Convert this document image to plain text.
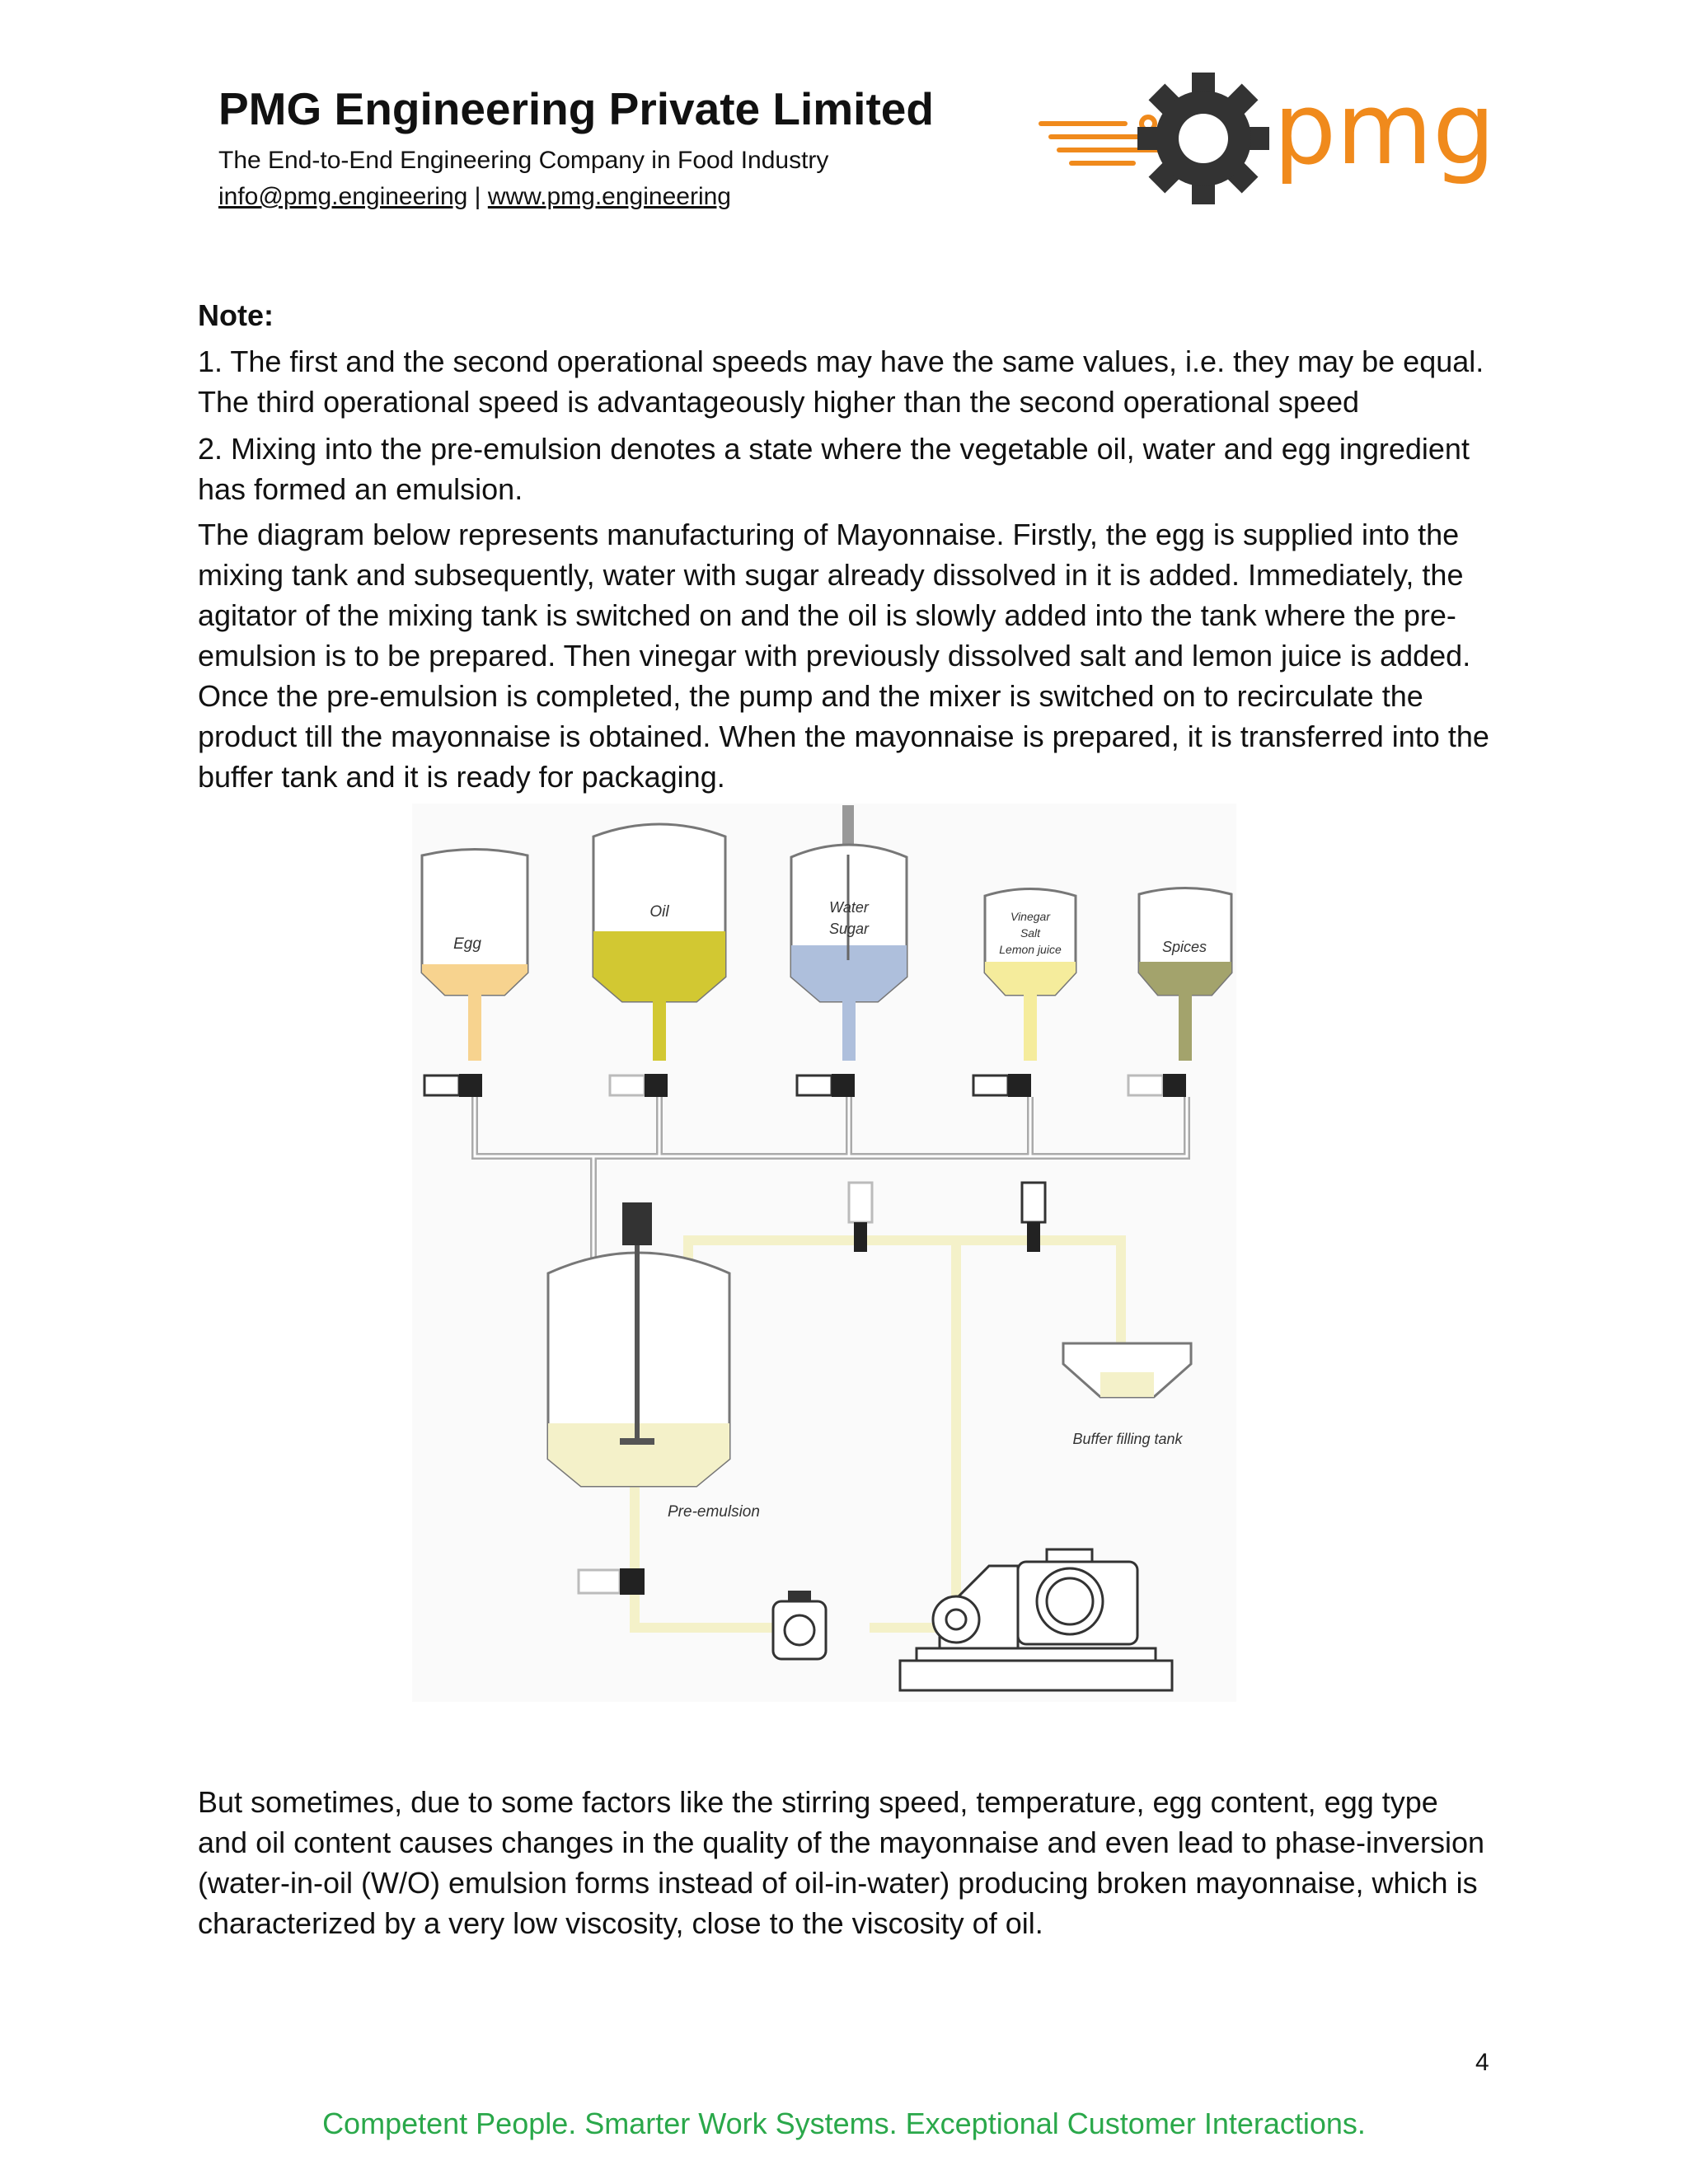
PMG Engineering Private Limited
The End-to-End Engineering Company in Food Industry
info@pmg.engineering | www.pmg.engineering
pmg
Note:

1. The first and the second operational speeds may have the same values, i.e. they may be equal. The third operational speed is advantageously higher than the second operational speed

2. Mixing into the pre-emulsion denotes a state where the vegetable oil, water and egg ingredient has formed an emulsion.

The diagram below represents manufacturing of Mayonnaise. Firstly, the egg is supplied into the mixing tank and subsequently, water with sugar already dissolved in it is added. Immediately, the agitator of the mixing tank is switched on and the oil is slowly added into the tank where the pre-emulsion is to be prepared. Then vinegar with previously dissolved salt and lemon juice is added. Once the pre-emulsion is completed, the pump and the mixer is switched on to recirculate the product till the mayonnaise is obtained. When the mayonnaise is prepared, it is transferred into the buffer tank and it is ready for packaging.

Egg
Oil	Water
Sugar
Vinegar
Salt
Lemon juice	Spices
Pre-emulsion
Buffer filling tank

But sometimes, due to some factors like the stirring speed, temperature, egg content, egg type and oil content causes changes in the quality of the mayonnaise and even lead to phase-inversion (water-in-oil (W/O) emulsion forms instead of oil-in-water) producing broken mayonnaise, which is characterized by a very low viscosity, close to the viscosity of oil.

4
Competent People. Smarter Work Systems. Exceptional Customer Interactions.
